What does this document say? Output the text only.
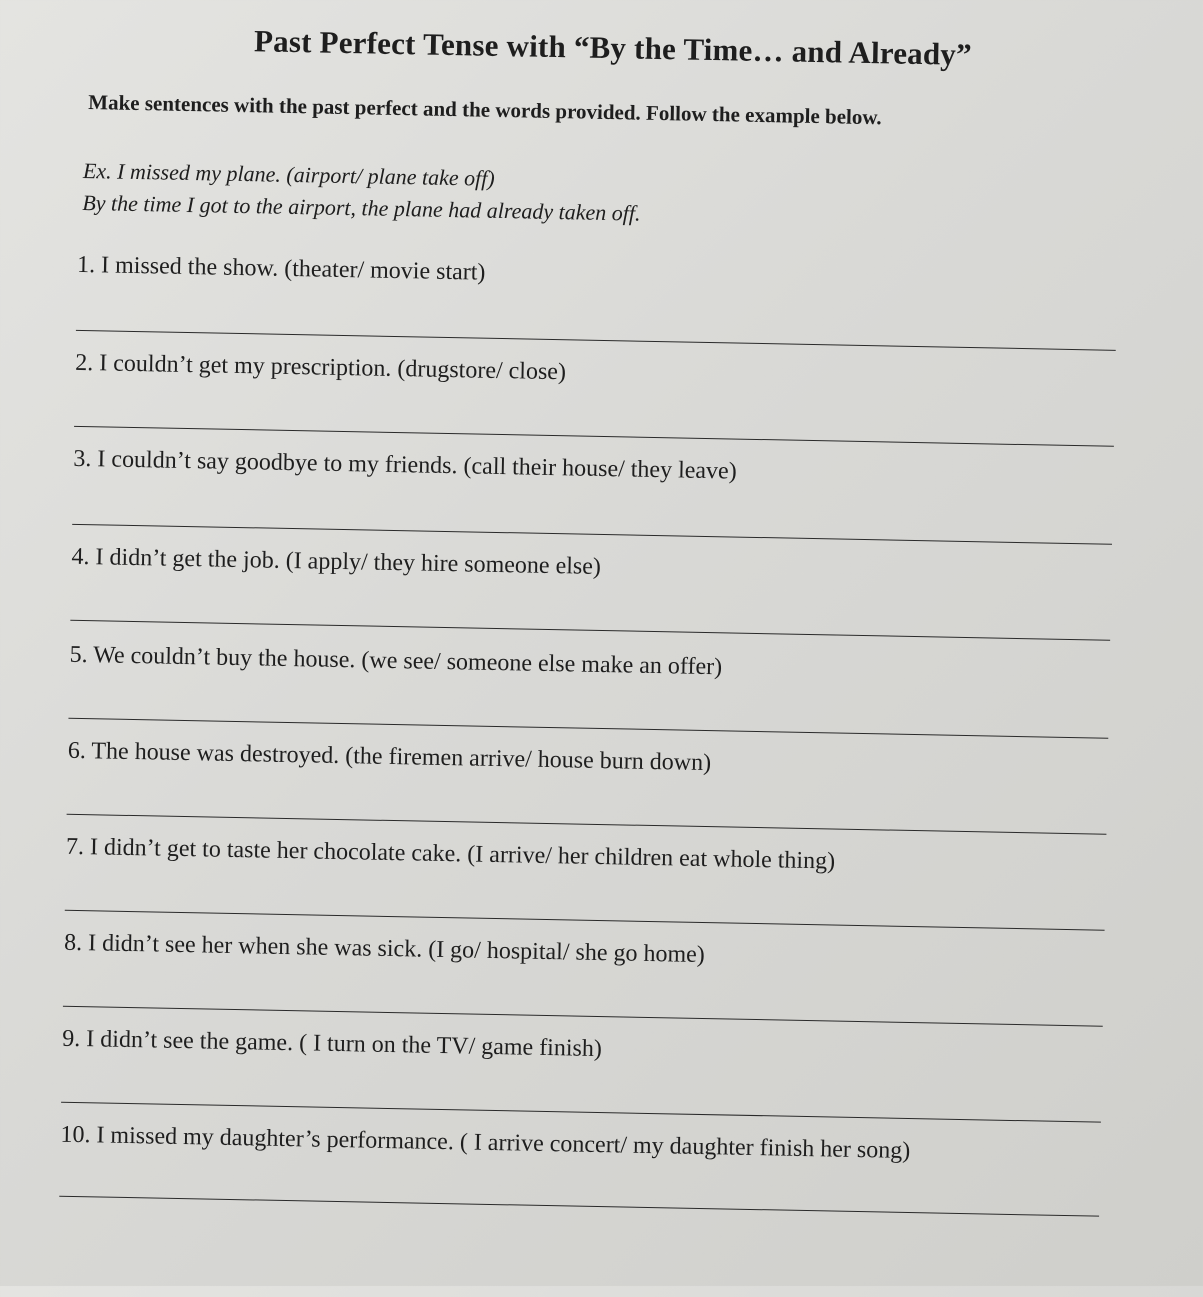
Past Perfect Tense with “By the Time… and Already”
Make sentences with the past perfect and the words provided. Follow the example below.
Ex. I missed my plane. (airport/ plane take off)
By the time I got to the airport, the plane had already taken off.
1. I missed the show. (theater/ movie start)
2. I couldn’t get my prescription. (drugstore/ close)
3. I couldn’t say goodbye to my friends. (call their house/ they leave)
4. I didn’t get the job. (I apply/ they hire someone else)
5. We couldn’t buy the house. (we see/ someone else make an offer)
6. The house was destroyed. (the firemen arrive/ house burn down)
7. I didn’t get to taste her chocolate cake. (I arrive/ her children eat whole thing)
8. I didn’t see her when she was sick. (I go/ hospital/ she go home)
9. I didn’t see the game. ( I turn on the TV/ game finish)
10. I missed my daughter’s performance. ( I arrive concert/ my daughter finish her song)
